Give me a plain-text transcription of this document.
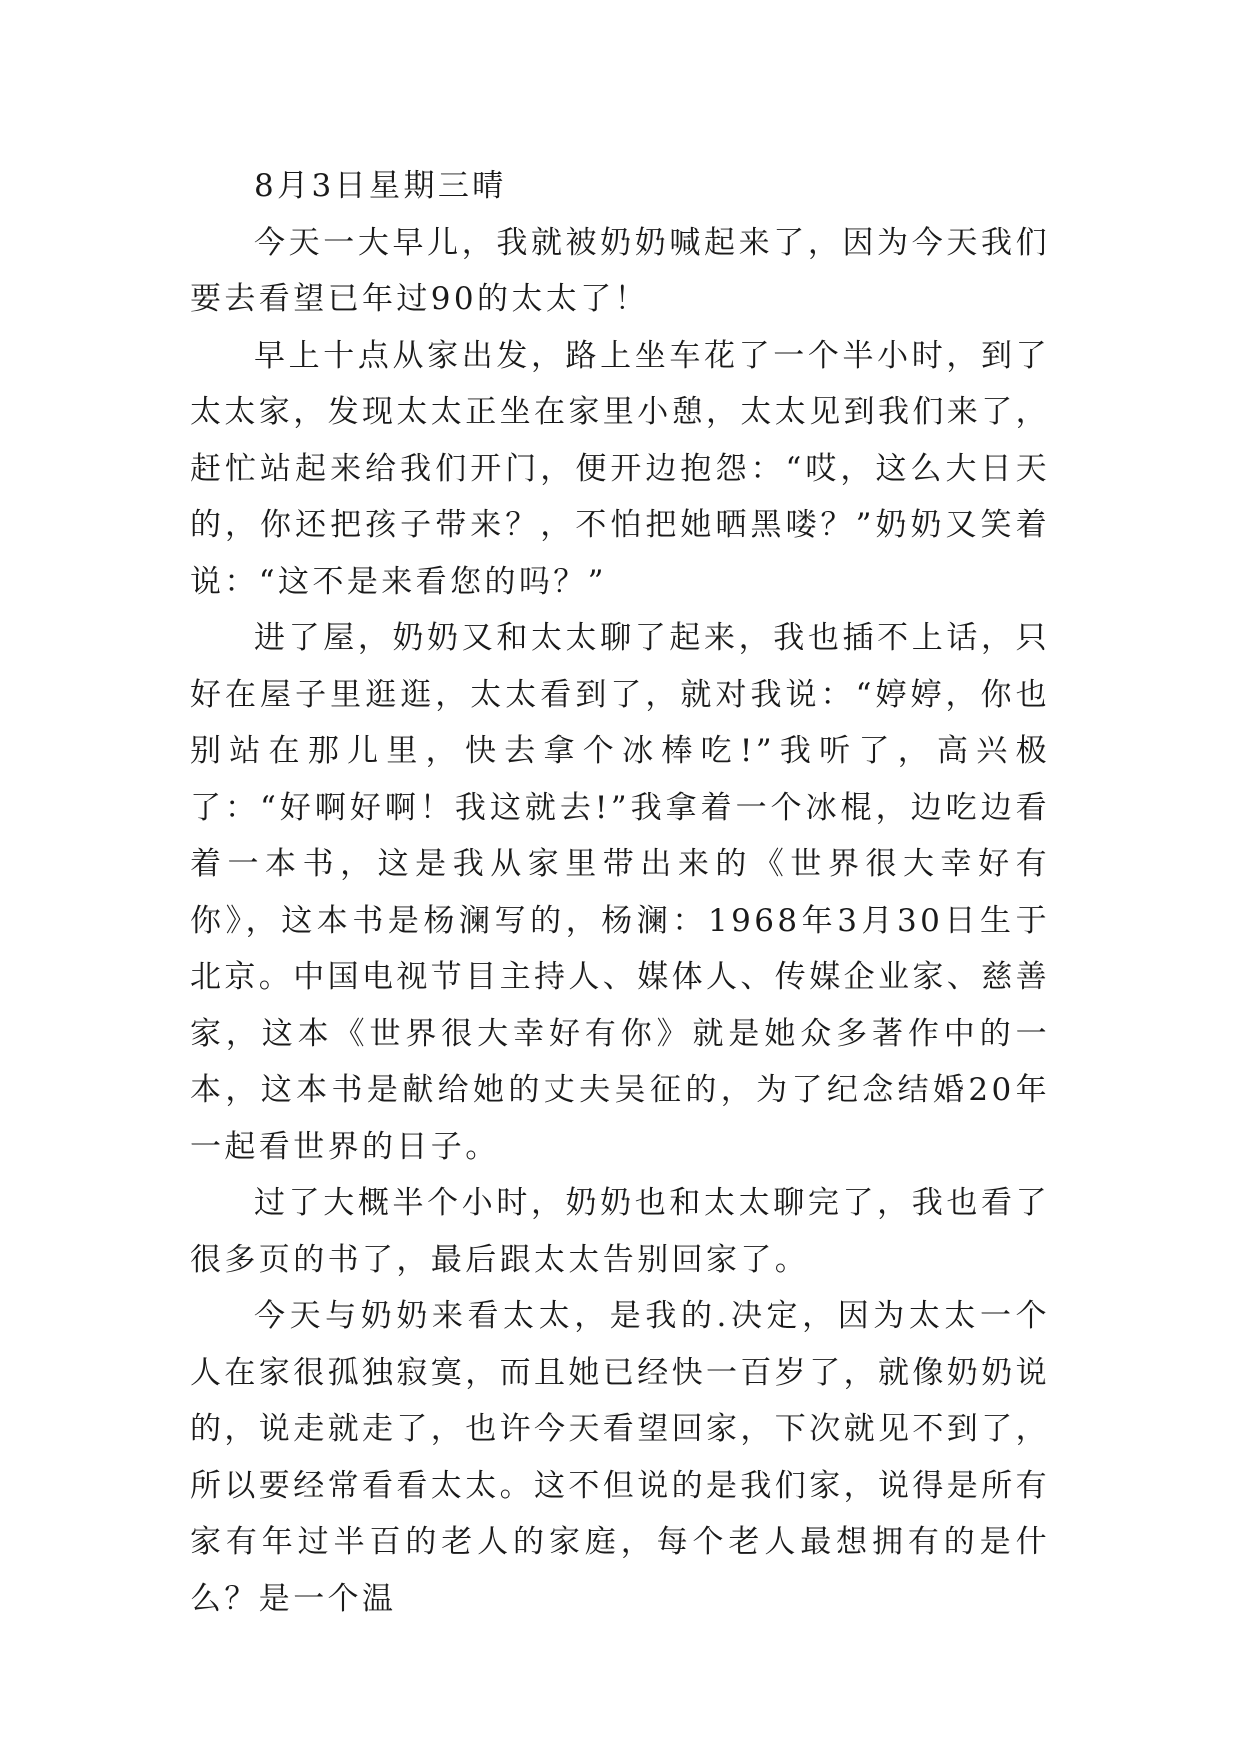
8月3日星期三晴

今天一大早儿，我就被奶奶喊起来了，因为今天我们要去看望已年过90的太太了！

早上十点从家出发，路上坐车花了一个半小时，到了太太家，发现太太正坐在家里小憩，太太见到我们来了，赶忙站起来给我们开门，便开边抱怨：“哎，这么大日天的，你还把孩子带来？，不怕把她晒黑喽？”奶奶又笑着说：“这不是来看您的吗？”

进了屋，奶奶又和太太聊了起来，我也插不上话，只好在屋子里逛逛，太太看到了，就对我说：“婷婷，你也别站在那儿里，快去拿个冰棒吃!”我听了，高兴极了：“好啊好啊！我这就去!”我拿着一个冰棍，边吃边看着一本书，这是我从家里带出来的《世界很大幸好有你》，这本书是杨澜写的，杨澜：1968年3月30日生于北京。中国电视节目主持人、媒体人、传媒企业家、慈善家，这本《世界很大幸好有你》就是她众多著作中的一本，这本书是献给她的丈夫吴征的，为了纪念结婚20年一起看世界的日子。

过了大概半个小时，奶奶也和太太聊完了，我也看了很多页的书了，最后跟太太告别回家了。

今天与奶奶来看太太，是我的.决定，因为太太一个人在家很孤独寂寞，而且她已经快一百岁了，就像奶奶说的，说走就走了，也许今天看望回家，下次就见不到了，所以要经常看看太太。这不但说的是我们家，说得是所有家有年过半百的老人的家庭，每个老人最想拥有的是什么？是一个温
